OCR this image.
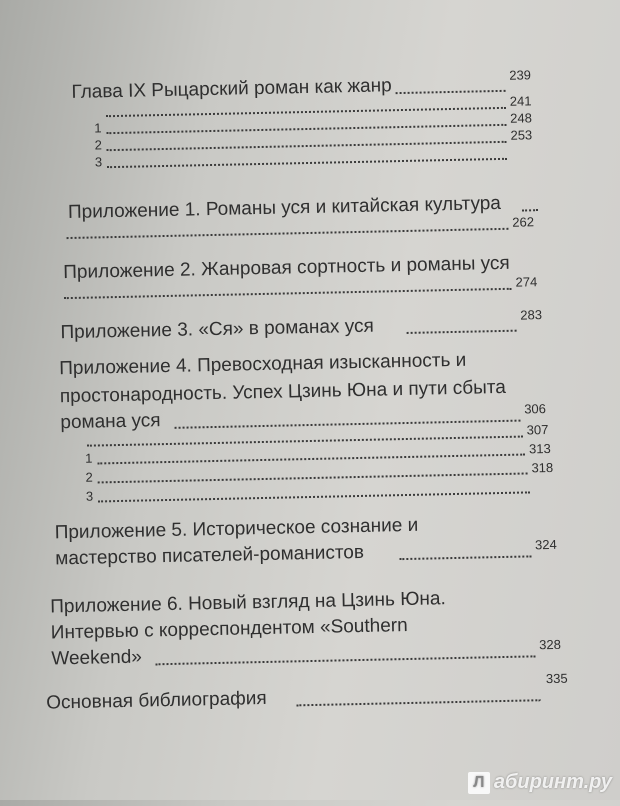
Глава IX Рыцарский роман как жанр
239
241
1
248
2
253
3
Приложение 1. Романы уся и китайская культура 262
Приложение 2. Жанровая сортность и романы уся 274
Приложение 3. «Ся» в романах уся
283
Приложение 4. Превосходная изысканность и
простонародность. Успех Цзинь Юна и пути сбыта
романа уся
306
307
1
313
2
318
3
Приложение 5. Историческое сознание и
мастерство писателей-романистов	324
Приложение 6. Новый взгляд на Цзинь Юна.
Интервью с корреспондентом «Southern
Weekend»
328
Основная библиография
335
Л абиринт.ру
